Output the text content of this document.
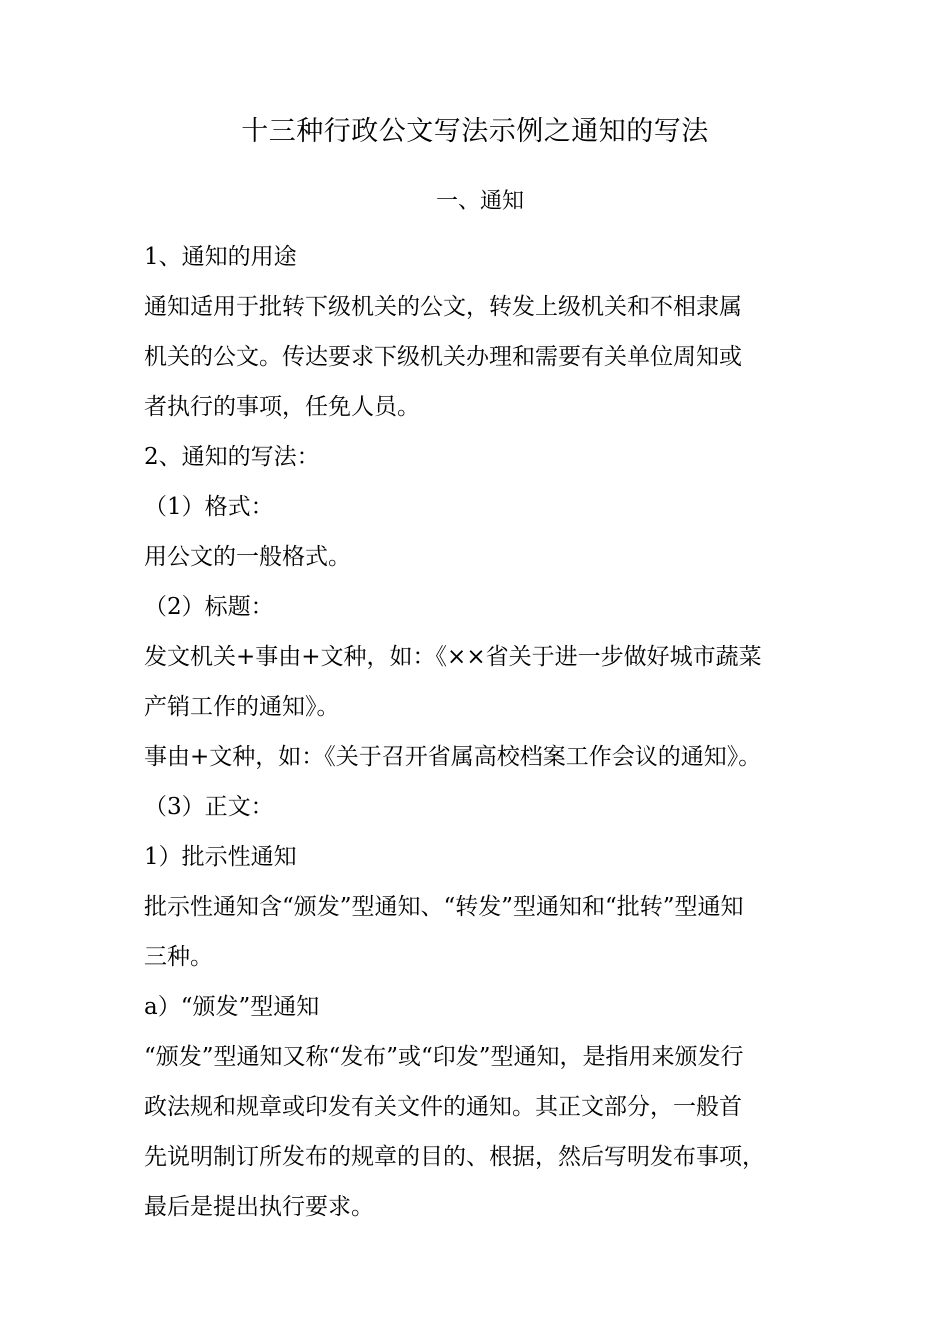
十三种行政公文写法示例之通知的写法
一、通知
1、通知的用途
通知适用于批转下级机关的公文，转发上级机关和不相隶属
机关的公文。传达要求下级机关办理和需要有关单位周知或
者执行的事项，任免人员。
2、通知的写法：
（1）格式：
用公文的一般格式。
（2）标题：
发文机关+事由+文种，如：《××省关于进一步做好城市蔬菜
产销工作的通知》。
事由+文种，如：《关于召开省属高校档案工作会议的通知》。
（3）正文：
1）批示性通知
批示性通知含“颁发”型通知、“转发”型通知和“批转”型通知
三种。
a）“颁发”型通知
“颁发”型通知又称“发布”或“印发”型通知，是指用来颁发行
政法规和规章或印发有关文件的通知。其正文部分，一般首
先说明制订所发布的规章的目的、根据，然后写明发布事项，
最后是提出执行要求。
